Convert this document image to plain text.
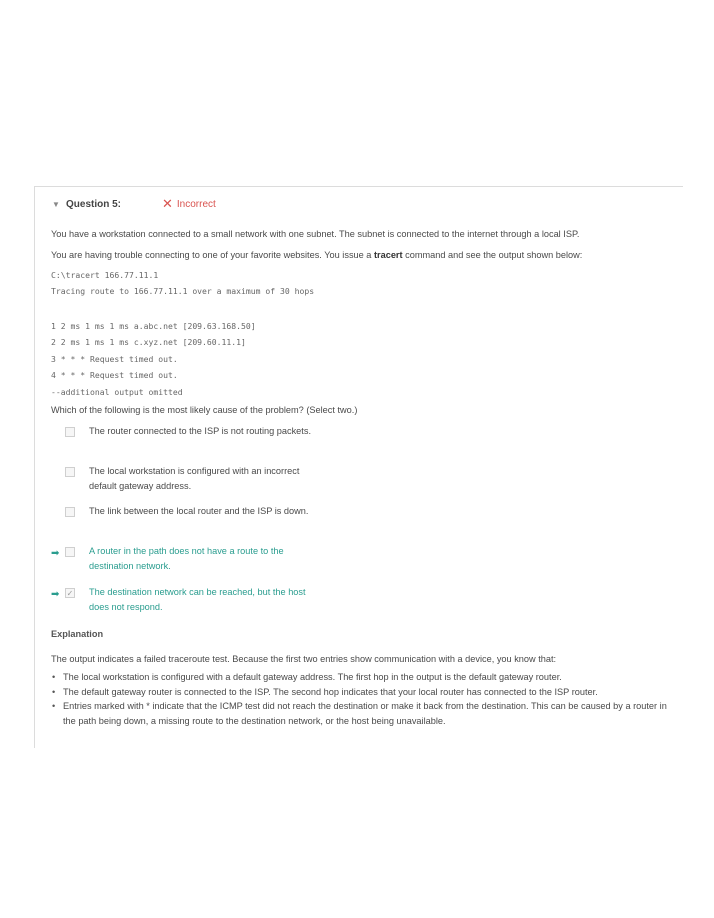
▼ Question 5:	✕ Incorrect
You have a workstation connected to a small network with one subnet. The subnet is connected to the internet through a local ISP.
You are having trouble connecting to one of your favorite websites. You issue a tracert command and see the output shown below:
C:\tracert 166.77.11.1
Tracing route to 166.77.11.1 over a maximum of 30 hops
1 2 ms 1 ms 1 ms a.abc.net [209.63.168.50]
2 2 ms 1 ms 1 ms c.xyz.net [209.60.11.1]
3 * * * Request timed out.
4 * * * Request timed out.
--additional output omitted
Which of the following is the most likely cause of the problem? (Select two.)
The router connected to the ISP is not routing packets.
The local workstation is configured with an incorrect default gateway address.
The link between the local router and the ISP is down.
➡	A router in the path does not have a route to the destination network.
➡ ✓ The destination network can be reached, but the host does not respond.
Explanation
The output indicates a failed traceroute test. Because the first two entries show communication with a device, you know that:
• The local workstation is configured with a default gateway address. The first hop in the output is the default gateway router.
• The default gateway router is connected to the ISP. The second hop indicates that your local router has connected to the ISP router.
• Entries marked with * indicate that the ICMP test did not reach the destination or make it back from the destination. This can be caused by a router in the path being down, a missing route to the destination network, or the host being unavailable.
